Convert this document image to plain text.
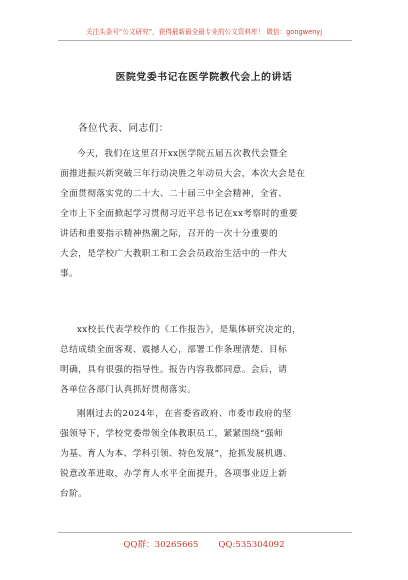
关注头条号“公文研究”，获得最新最全最专业的公文资料库！ 微信：gongwenyj
医院党委书记在医学院教代会上的讲话
各位代表、同志们：
今天，我们在这里召开xx医学院五届五次教代会暨全
面推进振兴新突破三年行动决胜之年动员大会，本次大会是在
全面贯彻落实党的二十大、二十届三中全会精神，全省、
全市上下全面掀起学习贯彻习近平总书记在xx考察时的重要
讲话和重要指示精神热潮之际，召开的一次十分重要的
大会，是学校广大教职工和工会会员政治生活中的一件大
事。
xx校长代表学校作的《工作报告》，是集体研究决定的，
总结成绩全面客观、震撼人心，部署工作条理清楚、目标
明确，具有很强的指导性。报告内容我都同意。会后，请
各单位各部门认真抓好贯彻落实。
刚刚过去的2024年，在省委省政府、市委市政府的坚
强领导下，学校党委带领全体教职员工，紧紧围绕“强师
为基、育人为本、学科引领、特色发展”，抢抓发展机遇、
锐意改革进取，办学育人水平全面提升，各项事业迈上新
台阶。
QQ群：30265665 QQ:535304092
